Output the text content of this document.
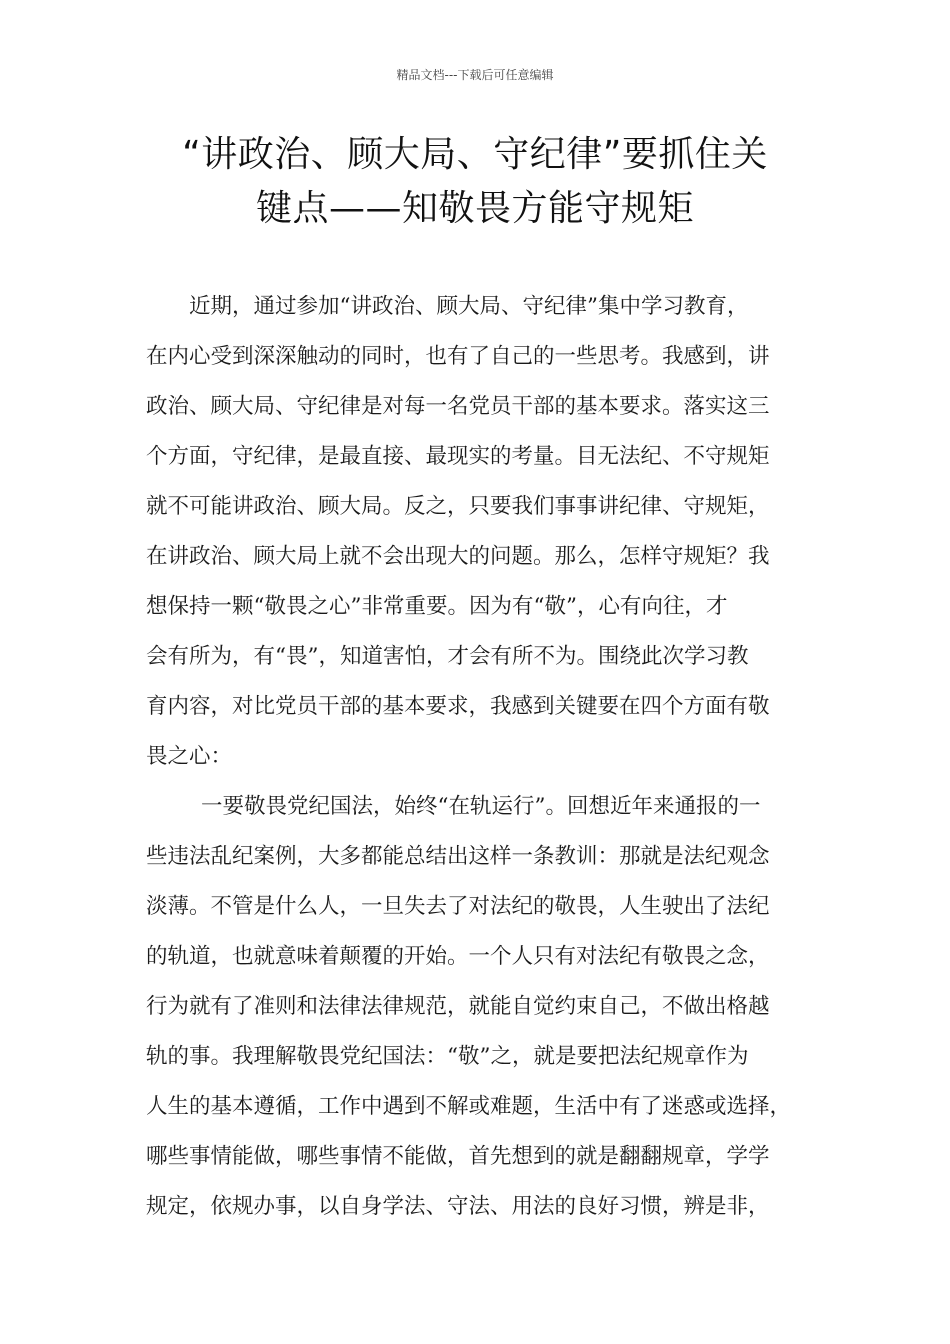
精品文档---下载后可任意编辑
“讲政治、顾大局、守纪律”要抓住关
键点——知敬畏方能守规矩
近期，通过参加“讲政治、顾大局、守纪律”集中学习教育，
在内心受到深深触动的同时，也有了自己的一些思考。我感到，讲
政治、顾大局、守纪律是对每一名党员干部的基本要求。落实这三
个方面，守纪律，是最直接、最现实的考量。目无法纪、不守规矩
就不可能讲政治、顾大局。反之，只要我们事事讲纪律、守规矩，
在讲政治、顾大局上就不会出现大的问题。那么，怎样守规矩？我
想保持一颗“敬畏之心”非常重要。因为有“敬”，心有向往，才
会有所为，有“畏”，知道害怕，才会有所不为。围绕此次学习教
育内容，对比党员干部的基本要求，我感到关键要在四个方面有敬
畏之心：
一要敬畏党纪国法，始终“在轨运行”。回想近年来通报的一
些违法乱纪案例，大多都能总结出这样一条教训：那就是法纪观念
淡薄。不管是什么人，一旦失去了对法纪的敬畏，人生驶出了法纪
的轨道，也就意味着颠覆的开始。一个人只有对法纪有敬畏之念，
行为就有了准则和法律法律规范，就能自觉约束自己，不做出格越
轨的事。我理解敬畏党纪国法：“敬”之，就是要把法纪规章作为
人生的基本遵循，工作中遇到不解或难题，生活中有了迷惑或选择，
哪些事情能做，哪些事情不能做，首先想到的就是翻翻规章，学学
规定，依规办事，以自身学法、守法、用法的良好习惯，辨是非，
